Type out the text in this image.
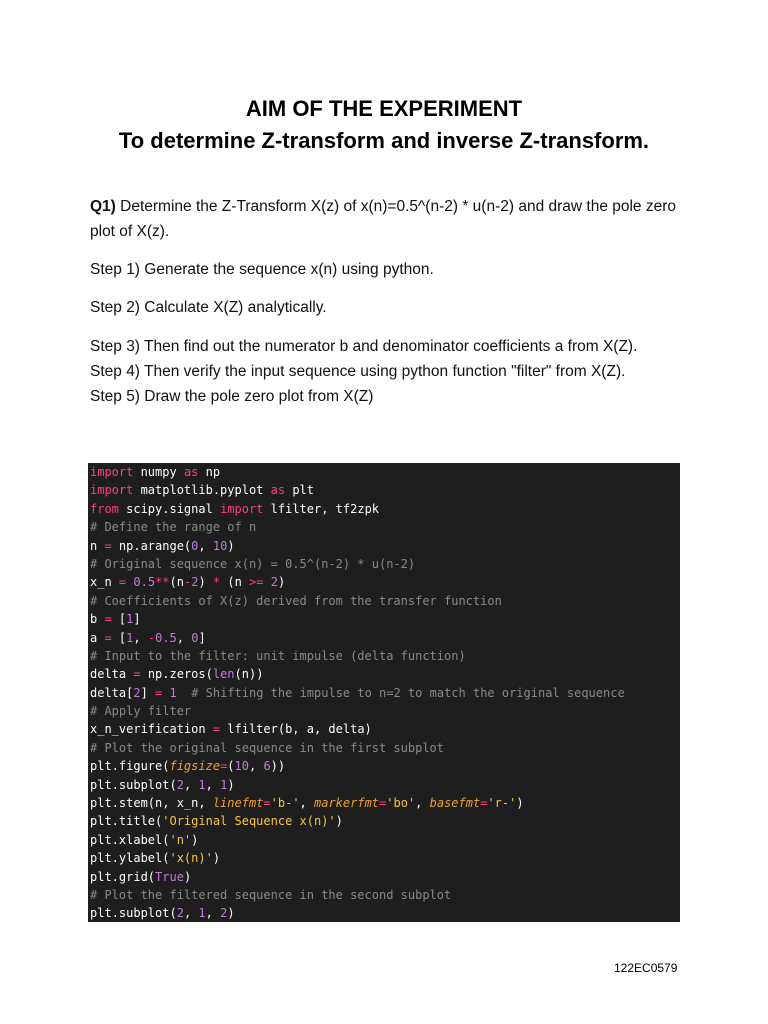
AIM OF THE EXPERIMENT
To determine Z-transform and inverse Z-transform.
Q1) Determine the Z-Transform X(z) of x(n)=0.5^(n-2) * u(n-2) and draw the pole zero plot of X(z).
Step 1) Generate the sequence x(n) using python.
Step 2) Calculate X(Z) analytically.
Step 3) Then find out the numerator b and denominator coefficients a from X(Z).
Step 4) Then verify the input sequence using python function "filter" from X(Z).
Step 5) Draw the pole zero plot from X(Z)
import numpy as np
import matplotlib.pyplot as plt
from scipy.signal import lfilter, tf2zpk
# Define the range of n
n = np.arange(0, 10)
# Original sequence x(n) = 0.5^(n-2) * u(n-2)
x_n = 0.5**(n-2) * (n >= 2)
# Coefficients of X(z) derived from the transfer function
b = [1]
a = [1, -0.5, 0]
# Input to the filter: unit impulse (delta function)
delta = np.zeros(len(n))
delta[2] = 1 # Shifting the impulse to n=2 to match the original sequence
# Apply filter
x_n_verification = lfilter(b, a, delta)
# Plot the original sequence in the first subplot
plt.figure(figsize=(10, 6))
plt.subplot(2, 1, 1)
plt.stem(n, x_n, linefmt='b-', markerfmt='bo', basefmt='r-')
plt.title('Original Sequence x(n)')
plt.xlabel('n')
plt.ylabel('x(n)')
plt.grid(True)
# Plot the filtered sequence in the second subplot
plt.subplot(2, 1, 2)
122EC0579
